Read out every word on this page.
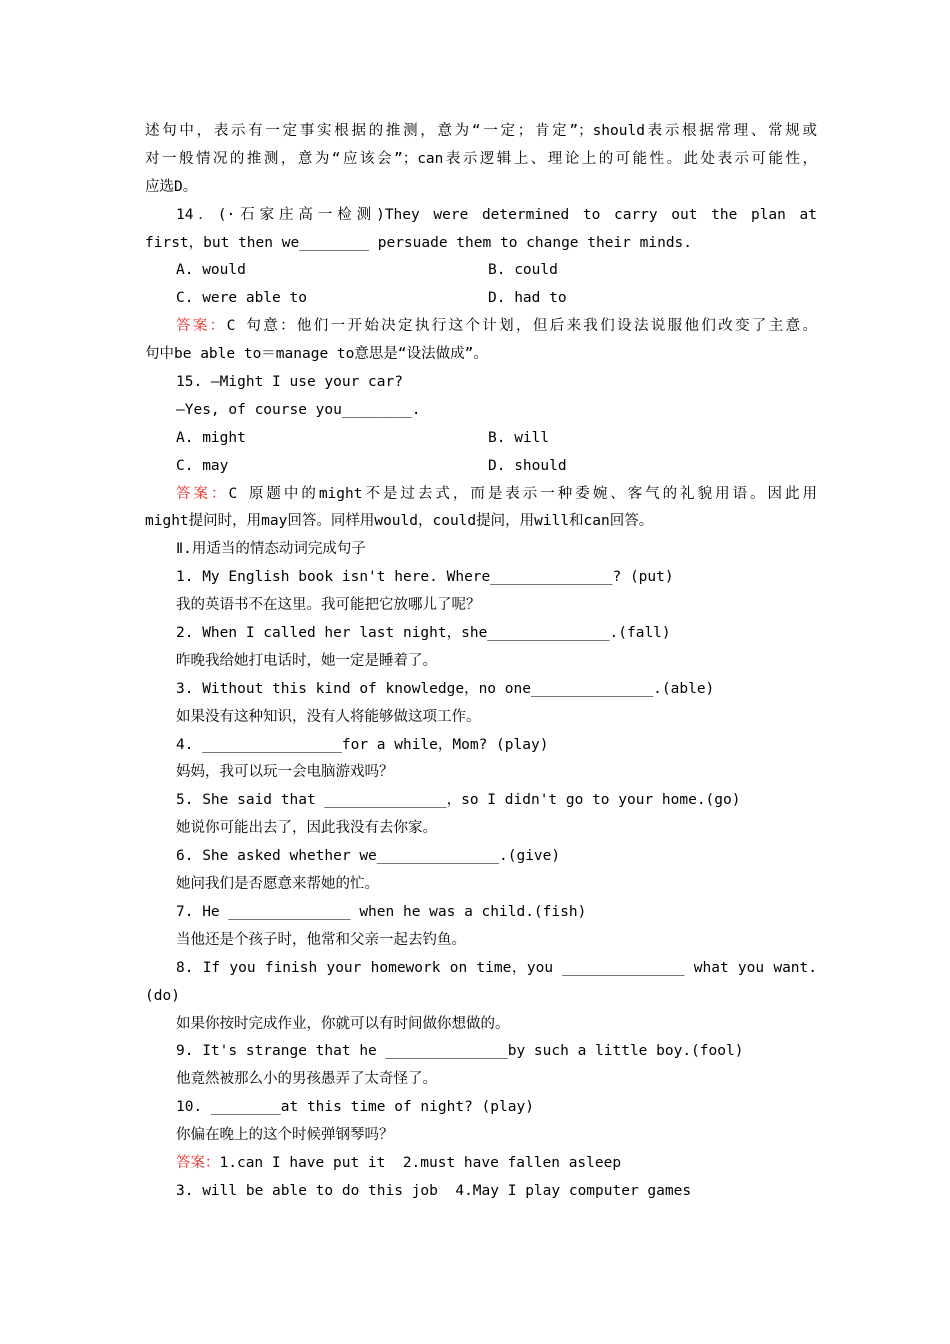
述句中，表示有一定事实根据的推测，意为“一定；肯定”；should表示根据常理、常规或
对一般情况的推测，意为“应该会”；can表示逻辑上、理论上的可能性。此处表示可能性，
应选D。
14．(·石家庄高一检测)They were determined to carry out the plan at
first，but then we________ persuade them to change their minds.
A. would	B. could
C. were able to	D. had to
答案：C 句意：他们一开始决定执行这个计划，但后来我们设法说服他们改变了主意。
句中be able to＝manage to意思是“设法做成”。
15. —Might I use your car?
—Yes, of course you________.
A. might	B. will
C. may	D. should
答案：C 原题中的might不是过去式，而是表示一种委婉、客气的礼貌用语。因此用
might提问时，用may回答。同样用would，could提问，用will和can回答。
Ⅱ.用适当的情态动词完成句子
1. My English book isn't here. Where______________? (put)
我的英语书不在这里。我可能把它放哪儿了呢？
2. When I called her last night，she______________.(fall)
昨晚我给她打电话时，她一定是睡着了。
3. Without this kind of knowledge，no one______________.(able)
如果没有这种知识，没有人将能够做这项工作。
4. ________________for a while，Mom? (play)
妈妈，我可以玩一会电脑游戏吗？
5. She said that ______________，so I didn't go to your home.(go)
她说你可能出去了，因此我没有去你家。
6. She asked whether we______________.(give)
她问我们是否愿意来帮她的忙。
7. He ______________ when he was a child.(fish)
当他还是个孩子时，他常和父亲一起去钓鱼。
8. If you finish your homework on time，you ______________ what you want.
(do)
如果你按时完成作业，你就可以有时间做你想做的。
9. It's strange that he ______________by such a little boy.(fool)
他竟然被那么小的男孩愚弄了太奇怪了。
10. ________at this time of night? (play)
你偏在晚上的这个时候弹钢琴吗？
答案：1.can I have put it  2.must have fallen asleep
3. will be able to do this job  4.May I play computer games
